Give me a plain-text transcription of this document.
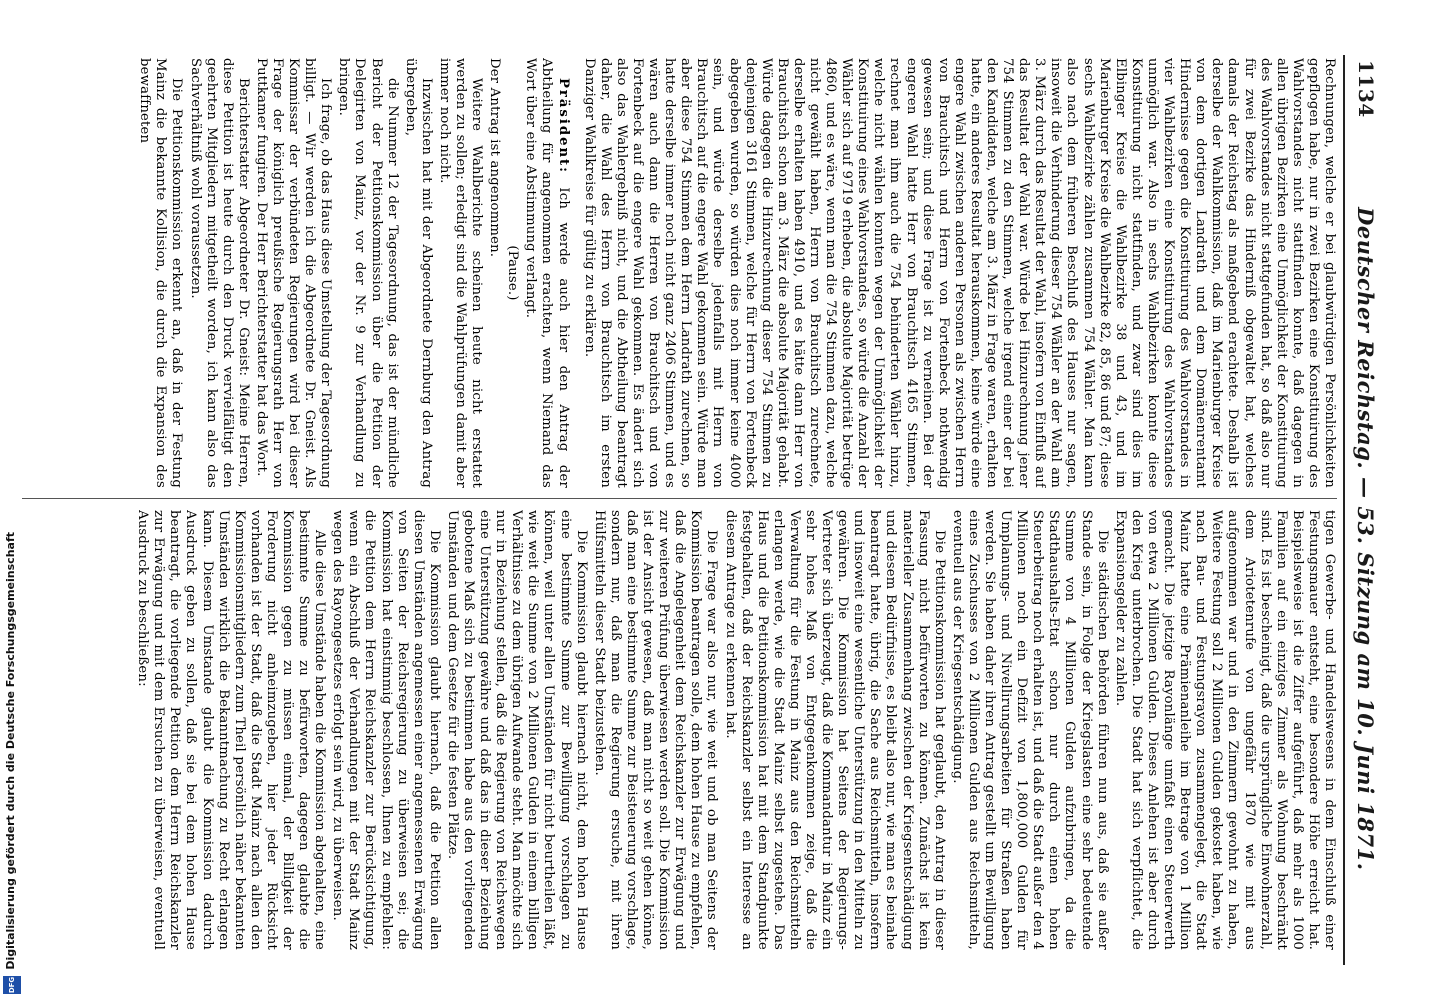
Digitalisierung gefördert durch die Deutsche Forschungsgemeinschaft
DFG
1134
Deutscher Reichstag. — 53. Sitzung am 10. Juni 1871.

Rechnungen, welche er bei glaubwürdigen Persönlichkeiten gepflogen habe, nur in zwei Bezirken eine Konstituirung des Wahlvorstandes nicht stattfinden konnte, daß dagegen in allen übrigen Bezirken eine Unmöglichkeit der Konstituirung des Wahlvorstandes nicht stattgefunden hat, so daß also nur für zwei Bezirke das Hinderniß obgewaltet hat, welches damals der Reichstag als maßgebend erachtete. Deshalb ist derselbe der Wahlkommission, daß im Marienburger Kreise von dem dortigen Landrath und dem Domänenrentamt Hindernisse gegen die Konstituirung des Wahlvorstandes in vier Wahlbezirken eine Konstituirung des Wahlvorstandes unmöglich war. Also in sechs Wahlbezirken konnte diese Konstituirung nicht stattfinden, und zwar sind dies im Elbinger Kreise die Wahlbezirke 38 und 43, und im Marienburger Kreise die Wahlbezirke 82, 85, 86 und 87; diese sechs Wahlbezirke zählen zusammen 754 Wähler. Man kann also nach dem früheren Beschluß des Hauses nur sagen, insoweit die Verhinderung dieser 754 Wähler an der Wahl am 3. März durch das Resultat der Wahl, insofern von Einfluß auf das Resultat der Wahl war. Würde bei Hinzurechnung jener 754 Stimmen zu den Stimmen, welche irgend einer der bei den Kandidaten, welche am 3. März in Frage waren, erhalten hatte, ein anderes Resultat herauskommen, keine würde eine engere Wahl zwischen anderen Personen als zwischen Herrn von Brauchitsch und Herrn von Fortenbeck nothwendig gewesen sein; und diese Frage ist zu verneinen. Bei der engeren Wahl hatte Herr von Brauchitsch 4165 Stimmen, rechnet man ihm auch die 754 behinderten Wähler hinzu, welche nicht wählen konnten wegen der Unmöglichkeit der Konstituirung eines Wahlvorstandes, so würde die Anzahl der Wähler sich auf 9719 erheben, die absolute Majorität betrüge 4860, und es wäre, wenn man die 754 Stimmen dazu, welche nicht gewählt haben, Herrn von Brauchitsch zurechnete, derselbe erhalten haben 4910, und es hätte dann Herr von Brauchitsch schon am 3. März die absolute Majorität gehabt. Würde dagegen die Hinzurechnung dieser 754 Stimmen zu denjenigen 3161 Stimmen, welche für Herrn von Fortenbeck abgegeben wurden, so würden dies noch immer keine 4000 sein, und würde derselbe jedenfalls mit Herrn von Brauchitsch auf die engere Wahl gekommen sein. Würde man aber diese 754 Stimmen dem Herrn Landrath zurechnen, so hatte derselbe immer noch nicht ganz 2406 Stimmen, und es wären auch dann die Herren von Brauchitsch und von Fortenbeck auf die engere Wahl gekommen. Es ändert sich also das Wahlergebniß nicht, und die Abtheilung beantragt daher, die Wahl des Herrn von Brauchitsch im ersten Danziger Wahlkreise für gültig zu erklären.

Präsident: Ich werde auch hier den Antrag der Abtheilung für angenommen erachten, wenn Niemand das Wort über eine Abstimmung verlangt.

(Pause.)

Der Antrag ist angenommen.

Weitere Wahlberichte scheinen heute nicht erstattet werden zu sollen; erledigt sind die Wahlprüfungen damit aber immer noch nicht.

Inzwischen hat mit der Abgeordnete Dernburg den Antrag übergeben,

die Nummer 12 der Tagesordnung, das ist der mündliche Bericht der Petitionskommission über die Petition der Delegirten von Mainz, vor der Nr. 9 zur Verhandlung zu bringen.

Ich frage, ob das Haus diese Umstellung der Tagesordnung billigt. — Wir werden ich die Abgeordnete Dr. Gneist. Als Kommissar der verbündeten Regierungen wird bei dieser Frage der königlich preußische Regierungsrath Herr von Puttkamer fungiren. Der Herr Berichterstatter hat das Wort.

Berichterstatter Abgeordneter Dr. Gneist: Meine Herren, diese Petition ist heute durch den Druck vervielfältigt den geehrten Mitgliedern mitgetheilt worden, ich kann also das Sachverhältniß wohl voraussetzen.

Die Petitionskommission erkennt an, daß in der Festung Mainz die bekannte Kollision, die durch die Expansion des bewaffneten

tigen Gewerbe- und Handelswesens in dem Einschluß einer Festungsmauer entsteht, eine besondere Höhe erreicht hat. Beispielsweise ist die Ziffer aufgeführt, daß mehr als 1000 Familien auf ein einziges Zimmer als Wohnung beschränkt sind. Es ist bescheinigt, daß die ursprüngliche Einwohnerzahl, dem Ariotetenrufe von ungefähr 1870 wie mit aus aufgenommen war und in den Zimmern gewohnt zu haben, Weitere Festung soll 2 Millionen Gulden gekostet haben, wie nach Bau- und Festungsrayon zusammengelegt, die Stadt Mainz hatte eine Prämienanleihe im Betrage von 1 Million gemacht. Die jetzige Rayonlänge umfaßt einen Steuerwerth von etwa 2 Millionen Gulden. Dieses Anlehen ist aber durch den Krieg unterbrochen. Die Stadt hat sich verpflichtet, die Expansionsgelder zu zahlen.

Die städtischen Behörden führen nun aus, daß sie außer Stande sein, in Folge der Kriegslasten eine sehr bedeutende Summe von 4 Millionen Gulden aufzubringen, da die Stadthaushalts-Etat schon nur durch einen hohen Steuerbeitrag noch erhalten ist, und daß die Stadt außer den 4 Millionen noch ein Defizit von 1,800,000 Gulden für Umplanungs- und Nivellirungsarbeiten für Straßen haben werden. Sie haben daher ihren Antrag gestellt um Bewilligung eines Zuschusses von 2 Millionen Gulden aus Reichsmitteln, eventuell aus der Kriegsentschädigung.

Die Petitionskommission hat geglaubt, den Antrag in dieser Fassung nicht befürworten zu können. Zunächst ist kein materieller Zusammenhang zwischen der Kriegsentschädigung und diesem Bedürfnisse, es bleibt also nur, wie man es beinahe beantragt hatte, übrig, die Sache aus Reichsmitteln, insofern und insoweit eine wesentliche Unterstützung in den Mitteln zu gewähren. Die Kommission hat Seitens der Regierungs-Vertreter sich überzeugt, daß die Kommandantur in Mainz ein sehr hohes Maß von Entgegenkommen zeige, daß die Verwaltung für die Festung in Mainz aus den Reichsmitteln erlangen werde, wie die Stadt Mainz selbst zugestehe. Das Haus und die Petitionskommission hat mit dem Standpunkte festgehalten, daß der Reichskanzler selbst ein Interesse an diesem Antrage zu erkennen hat.

Die Frage war also nur, wie weit und ob man Seitens der Kommission beantragen solle, dem hohen Hause zu empfehlen, daß die Angelegenheit dem Reichskanzler zur Erwägung und zur weiteren Prüfung überwiesen werden soll. Die Kommission ist der Ansicht gewesen, daß man nicht so weit gehen könne, daß man eine bestimmte Summe zur Beisteuerung vorschlage, sondern nur, daß man die Regierung ersuche, mit ihren Hülfsmitteln dieser Stadt beizustehen.

Die Kommission glaubt hiernach nicht, dem hohen Hause eine bestimmte Summe zur Bewilligung vorschlagen zu können, weil unter allen Umständen für nicht beurtheilen läßt, wie weit die Summe von 2 Millionen Gulden in einem billigen Verhältnisse zu dem übrigen Aufwande steht. Man möchte sich nur in Beziehung stellen, daß die Regierung von Reichswegen eine Unterstützung gewähre und daß das in dieser Beziehung gebotene Maß sich zu bestimmen habe aus den vorliegenden Umständen und dem Gesetze für die festen Plätze.

Die Kommission glaubt hiernach, daß die Petition allen diesen Umständen angemessen einer angemessenen Erwägung von Seiten der Reichsregierung zu überweisen sei; die Kommission hat einstimmig beschlossen, Ihnen zu empfehlen: die Petition dem Herrn Reichskanzler zur Berücksichtigung, wenn ein Abschluß der Verhandlungen mit der Stadt Mainz wegen des Rayongesetzes erfolgt sein wird, zu überweisen.

Alle diese Umstände haben die Kommission abgehalten, eine bestimmte Summe zu befürworten, dagegen glaubte die Kommission gegen zu müssen einmal, der Billigkeit der Forderung nicht anheimzugeben, hier jeder Rücksicht vorhanden ist der Stadt, daß die Stadt Mainz nach allen den Kommissionsmitgliedern zum Theil persönlich näher bekannten Umständen wirklich die Bekanntmachung zu Recht erlangen kann. Diesem Umstande glaubt die Kommission dadurch Ausdruck geben zu sollen, daß sie bei dem hohen Hause beantragt, die vorliegende Petition dem Herrn Reichskanzler zur Erwägung und mit dem Ersuchen zu überweisen, eventuell Ausdruck zu beschließen:
